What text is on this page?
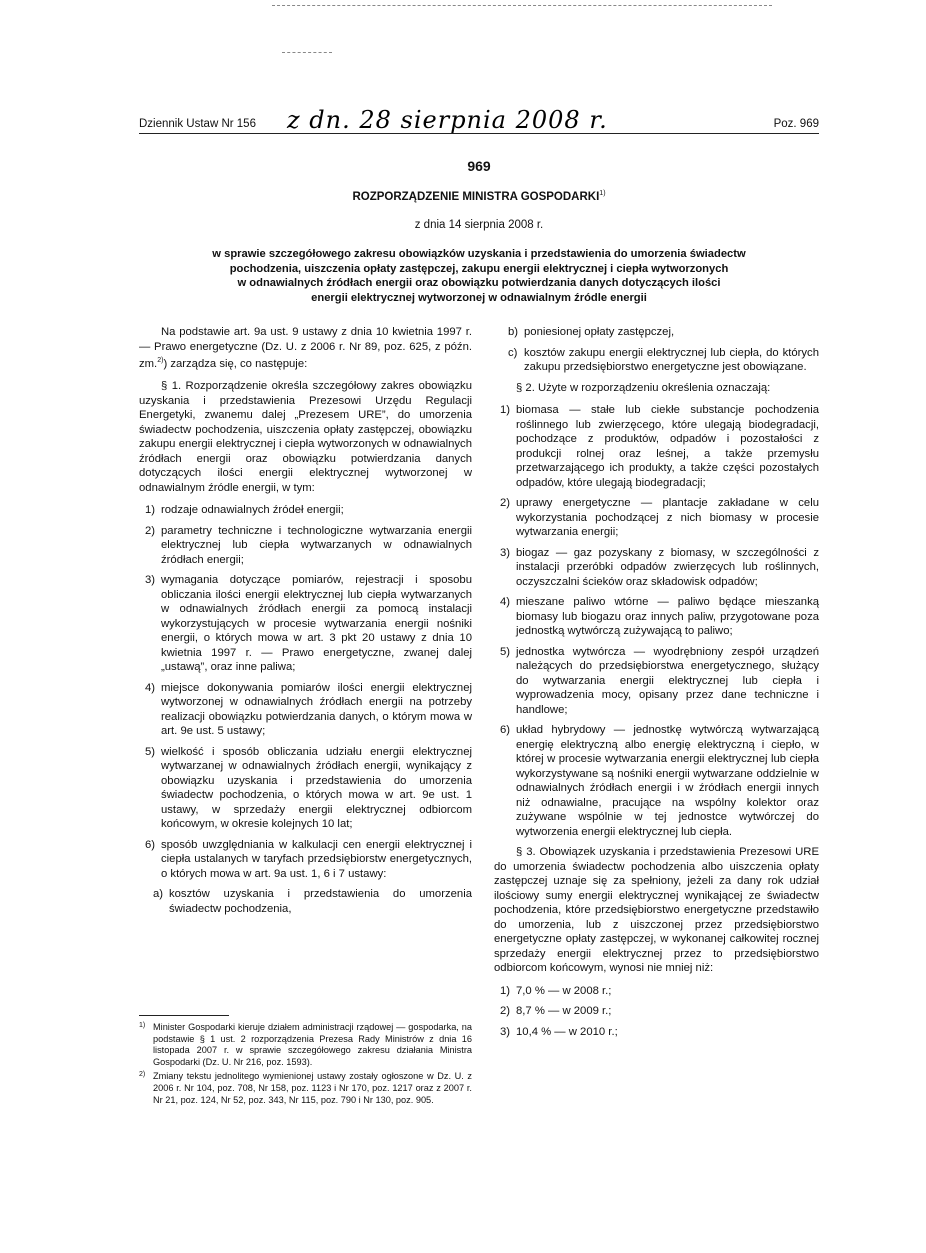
Dziennik Ustaw Nr 156 z dn. 28 sierpnia 2008 r.	Poz. 969
969
ROZPORZĄDZENIE MINISTRA GOSPODARKI$^{1)}$
z dnia 14 sierpnia 2008 r.
w sprawie szczegółowego zakresu obowiązków uzyskania i przedstawienia do umorzenia świadectw
pochodzenia, uiszczenia opłaty zastępczej, zakupu energii elektrycznej i ciepła wytworzonych
w odnawialnych źródłach energii oraz obowiązku potwierdzania danych dotyczących ilości
energii elektrycznej wytworzonej w odnawialnym źródle energii

Na podstawie art. 9a ust. 9 ustawy z dnia 10 kwietnia 1997 r. — Prawo energetyczne (Dz. U. z 2006 r. Nr 89, poz. 625, z późn. zm.$^{2)}$) zarządza się, co następuje:

§ 1. Rozporządzenie określa szczegółowy zakres obowiązku uzyskania i przedstawienia Prezesowi Urzędu Regulacji Energetyki, zwanemu dalej „Prezesem URE”, do umorzenia świadectw pochodzenia, uiszczenia opłaty zastępczej, obowiązku zakupu energii elektrycznej i ciepła wytworzonych w odnawialnych źródłach energii oraz obowiązku potwierdzania danych dotyczących ilości energii elektrycznej wytworzonej w odnawialnym źródle energii, w tym:

1) rodzaje odnawialnych źródeł energii;
2) parametry techniczne i technologiczne wytwarzania energii elektrycznej lub ciepła wytwarzanych w odnawialnych źródłach energii;
3) wymagania dotyczące pomiarów, rejestracji i sposobu obliczania ilości energii elektrycznej lub ciepła wytwarzanych w odnawialnych źródłach energii za pomocą instalacji wykorzystujących w procesie wytwarzania energii nośniki energii, o których mowa w art. 3 pkt 20 ustawy z dnia 10 kwietnia 1997 r. — Prawo energetyczne, zwanej dalej „ustawą”, oraz inne paliwa;
4) miejsce dokonywania pomiarów ilości energii elektrycznej wytworzonej w odnawialnych źródłach energii na potrzeby realizacji obowiązku potwierdzania danych, o którym mowa w art. 9e ust. 5 ustawy;
5) wielkość i sposób obliczania udziału energii elektrycznej wytwarzanej w odnawialnych źródłach energii, wynikający z obowiązku uzyskania i przedstawienia do umorzenia świadectw pochodzenia, o których mowa w art. 9e ust. 1 ustawy, w sprzedaży energii elektrycznej odbiorcom końcowym, w okresie kolejnych 10 lat;
6) sposób uwzględniania w kalkulacji cen energii elektrycznej i ciepła ustalanych w taryfach przedsiębiorstw energetycznych, o których mowa w art. 9a ust. 1, 6 i 7 ustawy:
a) kosztów uzyskania i przedstawienia do umorzenia świadectw pochodzenia,
1) Minister Gospodarki kieruje działem administracji rządowej — gospodarka, na podstawie § 1 ust. 2 rozporządzenia Prezesa Rady Ministrów z dnia 16 listopada 2007 r. w sprawie szczegółowego zakresu działania Ministra Gospodarki (Dz. U. Nr 216, poz. 1593).
2) Zmiany tekstu jednolitego wymienionej ustawy zostały ogłoszone w Dz. U. z 2006 r. Nr 104, poz. 708, Nr 158, poz. 1123 i Nr 170, poz. 1217 oraz z 2007 r. Nr 21, poz. 124, Nr 52, poz. 343, Nr 115, poz. 790 i Nr 130, poz. 905.
b) poniesionej opłaty zastępczej,
c) kosztów zakupu energii elektrycznej lub ciepła, do których zakupu przedsiębiorstwo energetyczne jest obowiązane.

§ 2. Użyte w rozporządzeniu określenia oznaczają:

1) biomasa — stałe lub ciekłe substancje pochodzenia roślinnego lub zwierzęcego, które ulegają biodegradacji, pochodzące z produktów, odpadów i pozostałości z produkcji rolnej oraz leśnej, a także przemysłu przetwarzającego ich produkty, a także części pozostałych odpadów, które ulegają biodegradacji;
2) uprawy energetyczne — plantacje zakładane w celu wykorzystania pochodzącej z nich biomasy w procesie wytwarzania energii;
3) biogaz — gaz pozyskany z biomasy, w szczególności z instalacji przeróbki odpadów zwierzęcych lub roślinnych, oczyszczalni ścieków oraz składowisk odpadów;
4) mieszane paliwo wtórne — paliwo będące mieszanką biomasy lub biogazu oraz innych paliw, przygotowane poza jednostką wytwórczą zużywającą to paliwo;
5) jednostka wytwórcza — wyodrębniony zespół urządzeń należących do przedsiębiorstwa energetycznego, służący do wytwarzania energii elektrycznej lub ciepła i wyprowadzenia mocy, opisany przez dane techniczne i handlowe;
6) układ hybrydowy — jednostkę wytwórczą wytwarzającą energię elektryczną albo energię elektryczną i ciepło, w której w procesie wytwarzania energii elektrycznej lub ciepła wykorzystywane są nośniki energii wytwarzane oddzielnie w odnawialnych źródłach energii i w źródłach energii innych niż odnawialne, pracujące na wspólny kolektor oraz zużywane wspólnie w tej jednostce wytwórczej do wytworzenia energii elektrycznej lub ciepła.

§ 3. Obowiązek uzyskania i przedstawienia Prezesowi URE do umorzenia świadectw pochodzenia albo uiszczenia opłaty zastępczej uznaje się za spełniony, jeżeli za dany rok udział ilościowy sumy energii elektrycznej wynikającej ze świadectw pochodzenia, które przedsiębiorstwo energetyczne przedstawiło do umorzenia, lub z uiszczonej przez przedsiębiorstwo energetyczne opłaty zastępczej, w wykonanej całkowitej rocznej sprzedaży energii elektrycznej przez to przedsiębiorstwo odbiorcom końcowym, wynosi nie mniej niż:

1) 7,0 % — w 2008 r.;
2) 8,7 % — w 2009 r.;
3) 10,4 % — w 2010 r.;
